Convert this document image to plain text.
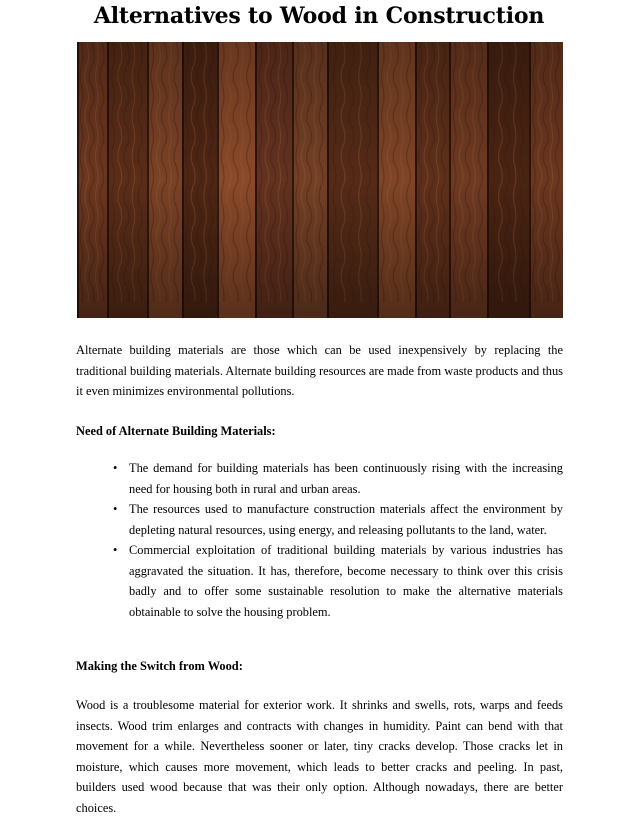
Alternatives to Wood in Construction

Alternate building materials are those which can be used inexpensively by replacing the traditional building materials. Alternate building resources are made from waste products and thus it even minimizes environmental pollutions.

Need of Alternate Building Materials:

• The demand for building materials has been continuously rising with the increasing need for housing both in rural and urban areas.
• The resources used to manufacture construction materials affect the environment by depleting natural resources, using energy, and releasing pollutants to the land, water.
• Commercial exploitation of traditional building materials by various industries has aggravated the situation. It has, therefore, become necessary to think over this crisis badly and to offer some sustainable resolution to make the alternative materials obtainable to solve the housing problem.

Making the Switch from Wood:

Wood is a troublesome material for exterior work. It shrinks and swells, rots, warps and feeds insects. Wood trim enlarges and contracts with changes in humidity. Paint can bend with that movement for a while. Nevertheless sooner or later, tiny cracks develop. Those cracks let in moisture, which causes more movement, which leads to better cracks and peeling. In past, builders used wood because that was their only option. Although nowadays, there are better choices.
